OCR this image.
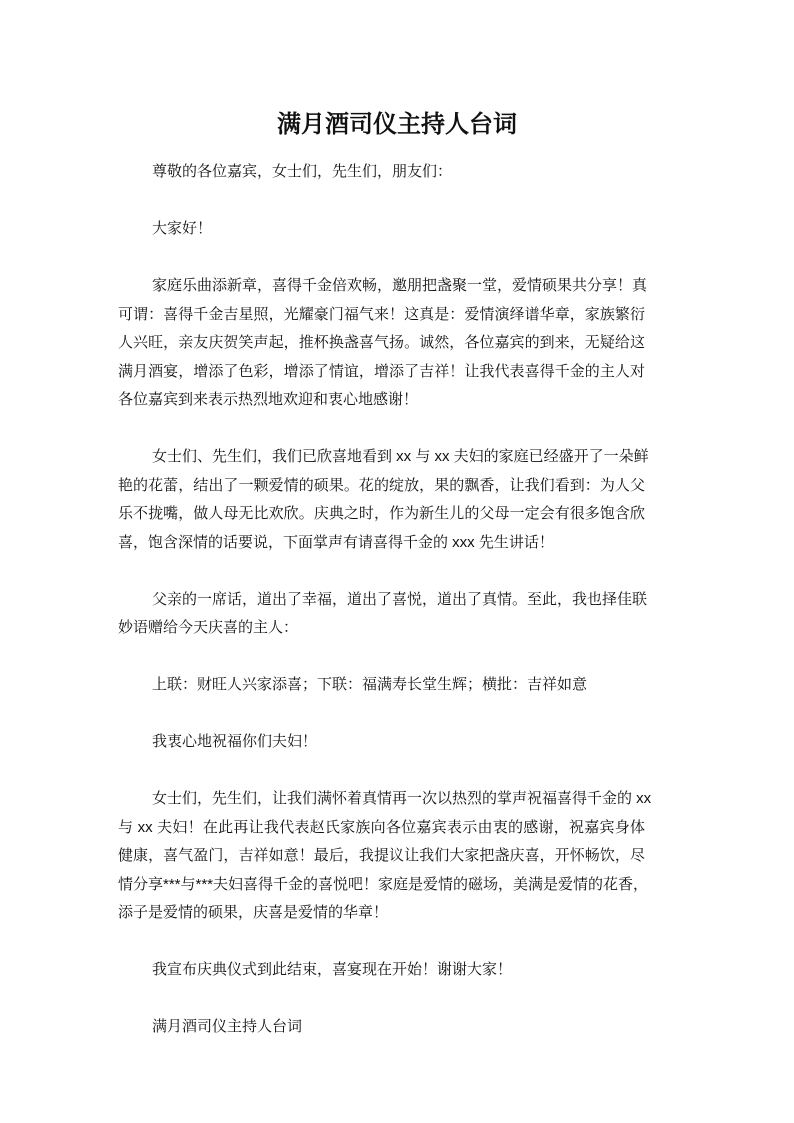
满月酒司仪主持人台词
尊敬的各位嘉宾，女士们，先生们，朋友们：
大家好！
家庭乐曲添新章，喜得千金倍欢畅，邀朋把盏聚一堂，爱情硕果共分享！真
可谓：喜得千金吉星照，光耀豪门福气来！这真是：爱情演绎谱华章，家族繁衍
人兴旺，亲友庆贺笑声起，推杯换盏喜气扬。诚然，各位嘉宾的到来，无疑给这
满月酒宴，增添了色彩，增添了情谊，增添了吉祥！让我代表喜得千金的主人对
各位嘉宾到来表示热烈地欢迎和衷心地感谢！
女士们、先生们，我们已欣喜地看到 xx 与 xx 夫妇的家庭已经盛开了一朵鲜
艳的花蕾，结出了一颗爱情的硕果。花的绽放，果的飘香，让我们看到：为人父
乐不拢嘴，做人母无比欢欣。庆典之时，作为新生儿的父母一定会有很多饱含欣
喜，饱含深情的话要说，下面掌声有请喜得千金的 xxx 先生讲话！
父亲的一席话，道出了幸福，道出了喜悦，道出了真情。至此，我也择佳联
妙语赠给今天庆喜的主人：
上联：财旺人兴家添喜；下联：福满寿长堂生辉；横批：吉祥如意
我衷心地祝福你们夫妇！
女士们，先生们，让我们满怀着真情再一次以热烈的掌声祝福喜得千金的 xx
与 xx 夫妇！在此再让我代表赵氏家族向各位嘉宾表示由衷的感谢，祝嘉宾身体
健康，喜气盈门，吉祥如意！最后，我提议让我们大家把盏庆喜，开怀畅饮，尽
情分享***与***夫妇喜得千金的喜悦吧！家庭是爱情的磁场，美满是爱情的花香，
添子是爱情的硕果，庆喜是爱情的华章！
我宣布庆典仪式到此结束，喜宴现在开始！谢谢大家！
满月酒司仪主持人台词
